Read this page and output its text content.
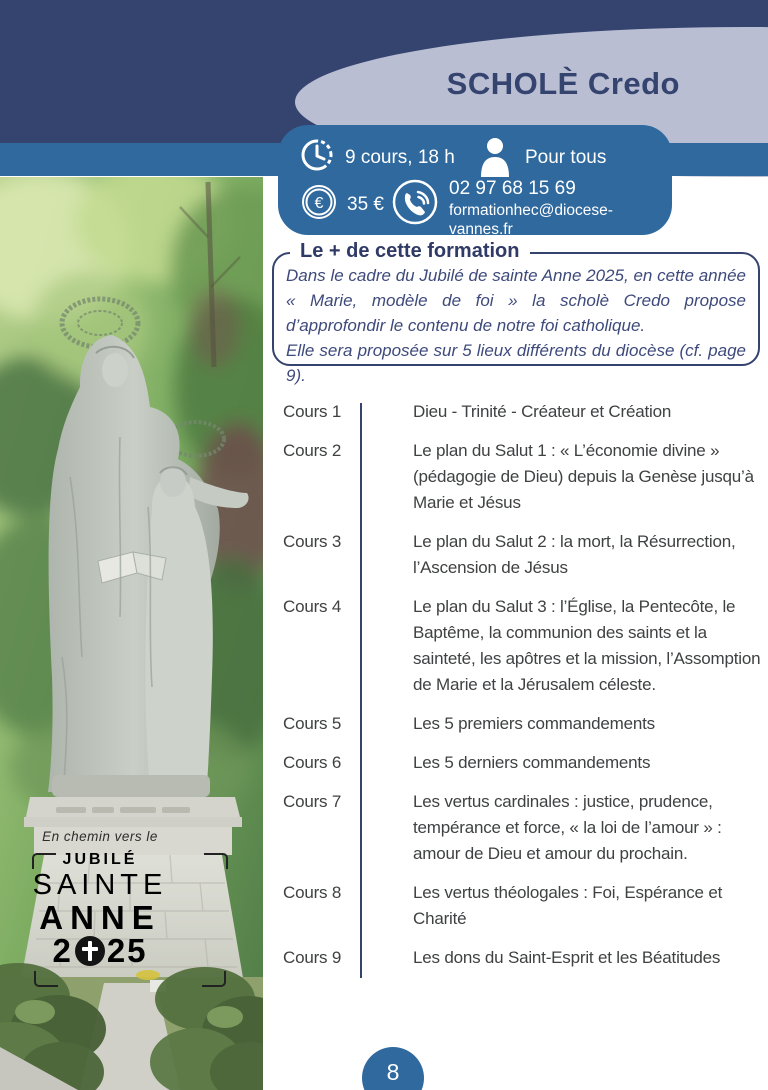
SCHOLÈ Credo
9 cours, 18 h	Pour tous
€ 35 €
02 97 68 15 69
formationhec@diocese-vannes.fr
Le + de cette formation

Dans le cadre du Jubilé de sainte Anne 2025, en cette année « Marie, modèle de foi » la scholè Credo propose d’approfondir le contenu de notre foi catholique.

Elle sera proposée sur 5 lieux différents du diocèse (cf. page 9).

Cours 1	Dieu - Trinité - Créateur et Création
Cours 2	Le plan du Salut 1 : « L’économie divine » (pédagogie de Dieu) depuis la Genèse jusqu’à Marie et Jésus
Cours 3	Le plan du Salut 2 : la mort, la Résurrection, l’Ascension de Jésus
Cours 4	Le plan du Salut 3 : l’Église, la Pentecôte, le Baptême, la communion des saints et la sainteté, les apôtres et la mission, l’Assomption de Marie et la Jérusalem céleste.
Cours 5	Les 5 premiers commandements
Cours 6	Les 5 derniers commandements
Cours 7	Les vertus cardinales : justice, prudence, tempérance et force, « la loi de l’amour » : amour de Dieu et amour du prochain.
Cours 8	Les vertus théologales : Foi, Espérance et Charité
Cours 9	Les dons du Saint-Esprit et les Béatitudes
En chemin vers le
JUBILÉ
SAINTE
ANNE
2 25
8
